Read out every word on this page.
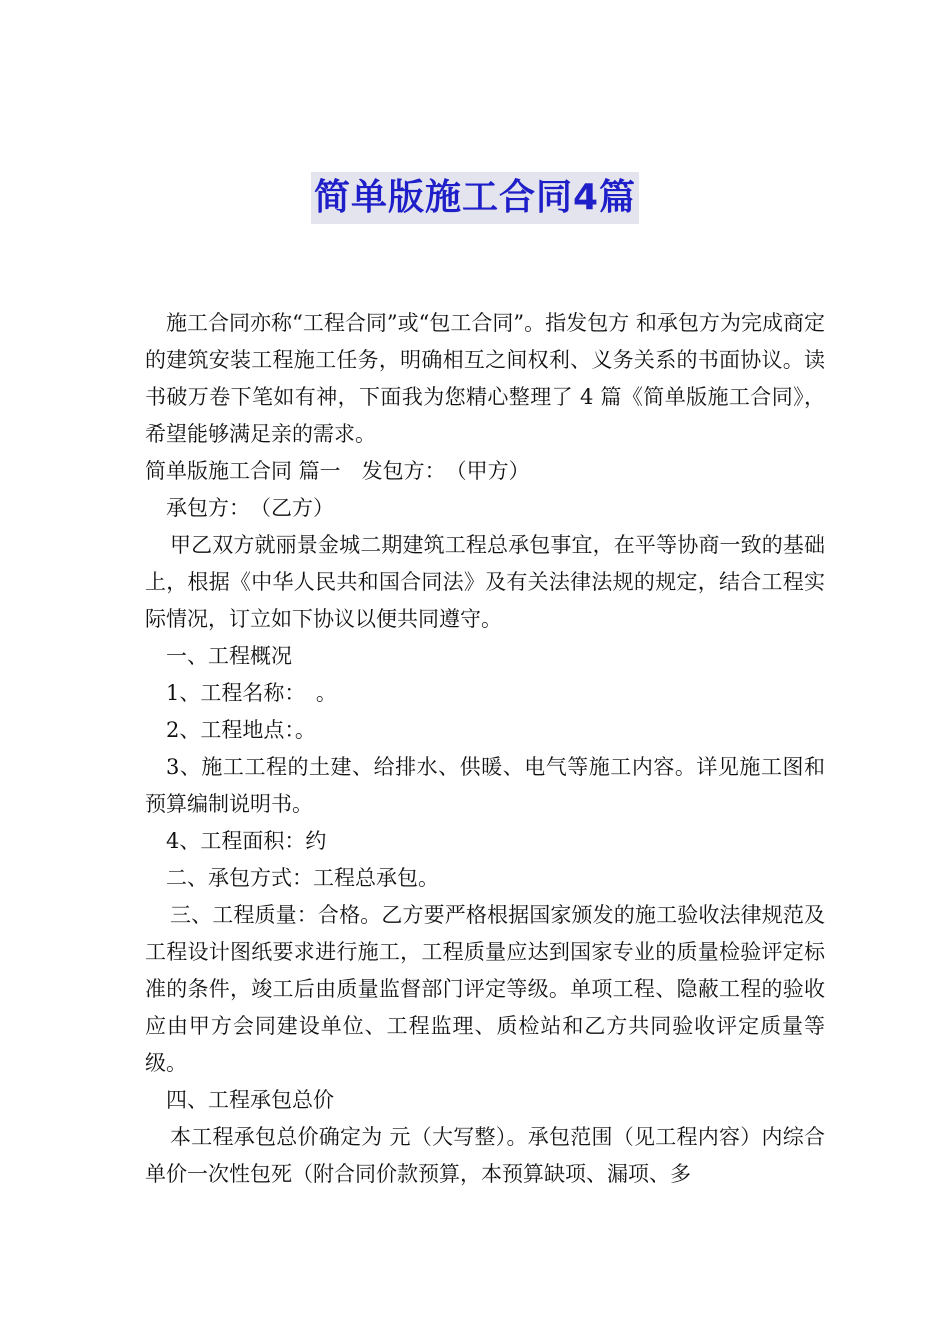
简单版施工合同4篇

施工合同亦称“工程合同”或“包工合同”。指发包方 和承包方为完成商定的建筑安装工程施工任务，明确相互之间权利、义务关系的书面协议。读书破万卷下笔如有神，下面我为您精心整理了 4 篇《简单版施工合同》，希望能够满足亲的需求。

简单版施工合同 篇一　发包方：　（甲方）

承包方：　（乙方）

甲乙双方就丽景金城二期建筑工程总承包事宜，在平等协商一致的基础上，根据《中华人民共和国合同法》及有关法律法规的规定，结合工程实际情况，订立如下协议以便共同遵守。

一、工程概况

1、工程名称：　。

2、工程地点：。

3、施工工程的土建、给排水、供暖、电气等施工内容。详见施工图和预算编制说明书。

4、工程面积：约

二、承包方式：工程总承包。

三、工程质量：合格。乙方要严格根据国家颁发的施工验收法律规范及工程设计图纸要求进行施工，工程质量应达到国家专业的质量检验评定标准的条件，竣工后由质量监督部门评定等级。单项工程、隐蔽工程的验收应由甲方会同建设单位、工程监理、质检站和乙方共同验收评定质量等级。

四、工程承包总价

本工程承包总价确定为 元（大写整）。承包范围（见工程内容）内综合单价一次性包死（附合同价款预算，本预算缺项、漏项、多
